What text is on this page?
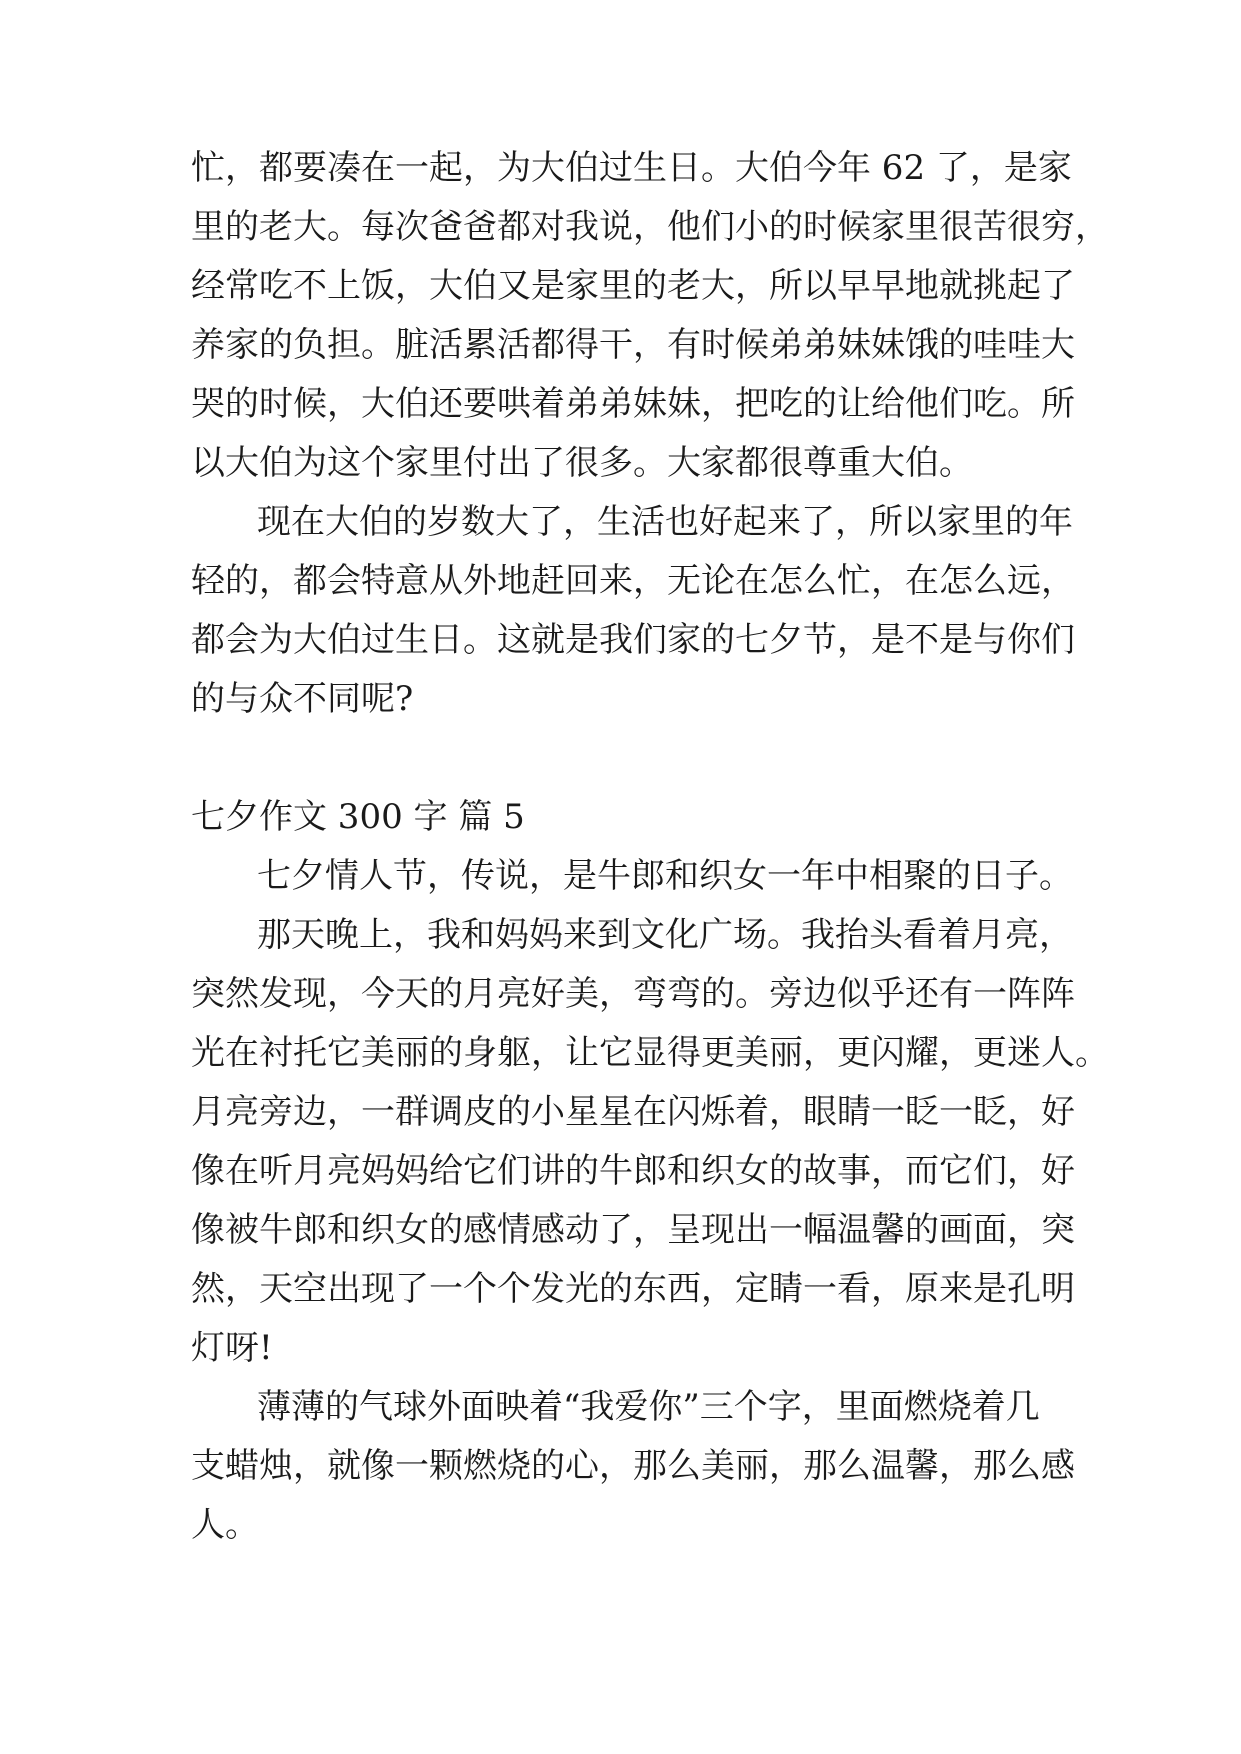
忙，都要凑在一起，为大伯过生日。大伯今年 62 了，是家

里的老大。每次爸爸都对我说，他们小的时候家里很苦很穷，

经常吃不上饭，大伯又是家里的老大，所以早早地就挑起了

养家的负担。脏活累活都得干，有时候弟弟妹妹饿的哇哇大

哭的时候，大伯还要哄着弟弟妹妹，把吃的让给他们吃。所

以大伯为这个家里付出了很多。大家都很尊重大伯。

现在大伯的岁数大了，生活也好起来了，所以家里的年

轻的，都会特意从外地赶回来，无论在怎么忙，在怎么远，

都会为大伯过生日。这就是我们家的七夕节，是不是与你们

的与众不同呢?

七夕作文 300 字 篇 5

七夕情人节，传说，是牛郎和织女一年中相聚的日子。

那天晚上，我和妈妈来到文化广场。我抬头看着月亮，

突然发现，今天的月亮好美，弯弯的。旁边似乎还有一阵阵

光在衬托它美丽的身躯，让它显得更美丽，更闪耀，更迷人。

月亮旁边，一群调皮的小星星在闪烁着，眼睛一眨一眨，好

像在听月亮妈妈给它们讲的牛郎和织女的故事，而它们，好

像被牛郎和织女的感情感动了，呈现出一幅温馨的画面，突

然，天空出现了一个个发光的东西，定睛一看，原来是孔明

灯呀!

薄薄的气球外面映着“我爱你”三个字，里面燃烧着几

支蜡烛，就像一颗燃烧的心，那么美丽，那么温馨，那么感

人。
